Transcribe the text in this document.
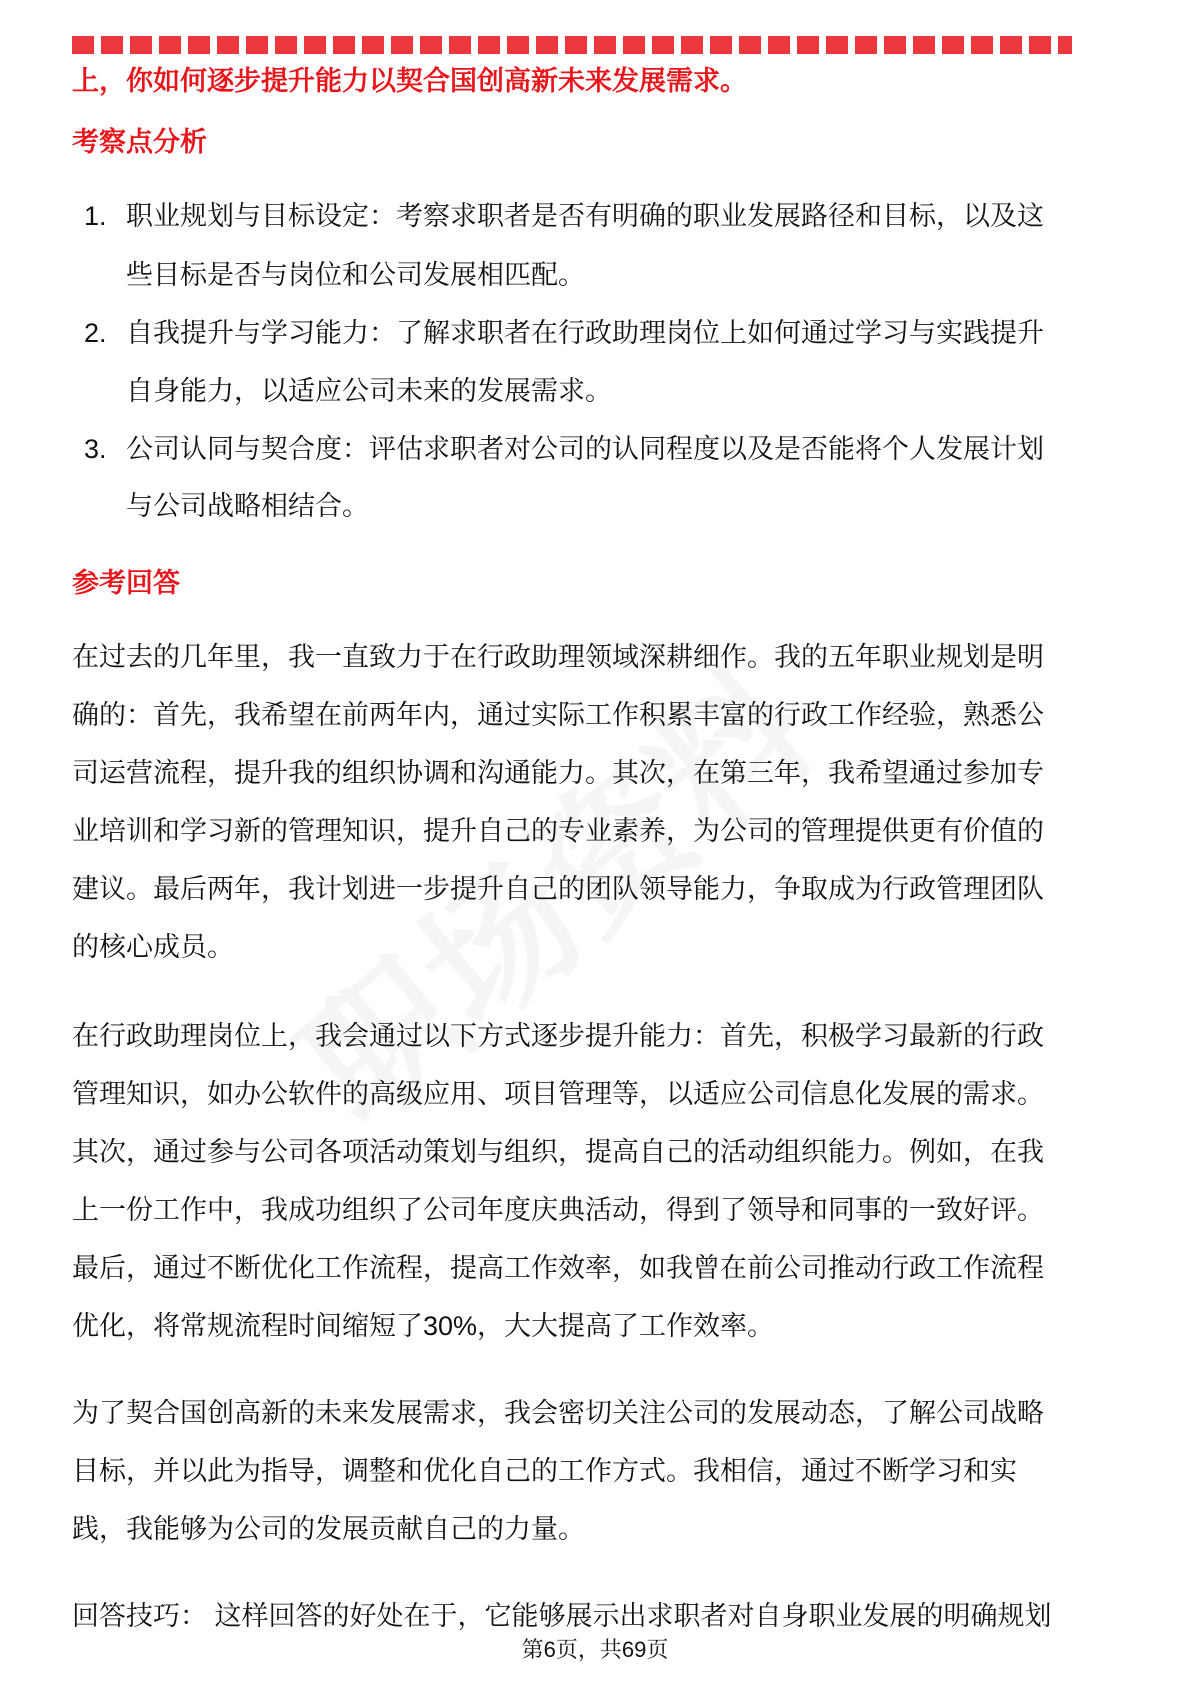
上，你如何逐步提升能力以契合国创高新未来发展需求。
考察点分析
1. 职业规划与目标设定：考察求职者是否有明确的职业发展路径和目标，以及这
些目标是否与岗位和公司发展相匹配。
2. 自我提升与学习能力：了解求职者在行政助理岗位上如何通过学习与实践提升
自身能力，以适应公司未来的发展需求。
3. 公司认同与契合度：评估求职者对公司的认同程度以及是否能将个人发展计划
与公司战略相结合。
参考回答
在过去的几年里，我一直致力于在行政助理领域深耕细作。我的五年职业规划是明
确的：首先，我希望在前两年内，通过实际工作积累丰富的行政工作经验，熟悉公
司运营流程，提升我的组织协调和沟通能力。其次，在第三年，我希望通过参加专
业培训和学习新的管理知识，提升自己的专业素养，为公司的管理提供更有价值的
建议。最后两年，我计划进一步提升自己的团队领导能力，争取成为行政管理团队
的核心成员。
在行政助理岗位上，我会通过以下方式逐步提升能力：首先，积极学习最新的行政
管理知识，如办公软件的高级应用、项目管理等，以适应公司信息化发展的需求。
其次，通过参与公司各项活动策划与组织，提高自己的活动组织能力。例如，在我
上一份工作中，我成功组织了公司年度庆典活动，得到了领导和同事的一致好评。
最后，通过不断优化工作流程，提高工作效率，如我曾在前公司推动行政工作流程
优化，将常规流程时间缩短了30%，大大提高了工作效率。
为了契合国创高新的未来发展需求，我会密切关注公司的发展动态，了解公司战略
目标，并以此为指导，调整和优化自己的工作方式。我相信，通过不断学习和实
践，我能够为公司的发展贡献自己的力量。
回答技巧： 这样回答的好处在于，它能够展示出求职者对自身职业发展的明确规划
第6页，共69页
